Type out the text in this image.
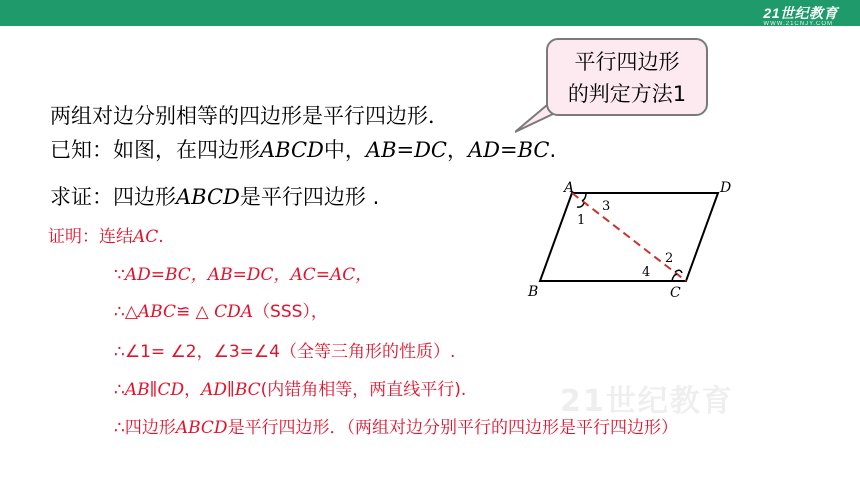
21世纪教育
WWW.21CNJY.COM
平行四边形
的判定方法1
两组对边分别相等的四边形是平行四边形．
已知：如图，在四边形ABCD中，AB=DC，AD=BC.
求证：四边形ABCD是平行四边形 .
证明：连结AC.
∵AD=BC，AB=DC，AC=AC，
∴△ABC≌ △ CDA（SSS），
∴∠1= ∠2，∠3=∠4（全等三角形的性质）.
∴AB∥CD，AD∥BC(内错角相等，两直线平行).
∴四边形ABCD是平行四边形．（两组对边分别平行的四边形是平行四边形）
A	D
B	C
1
3
2
4
21世纪教育
